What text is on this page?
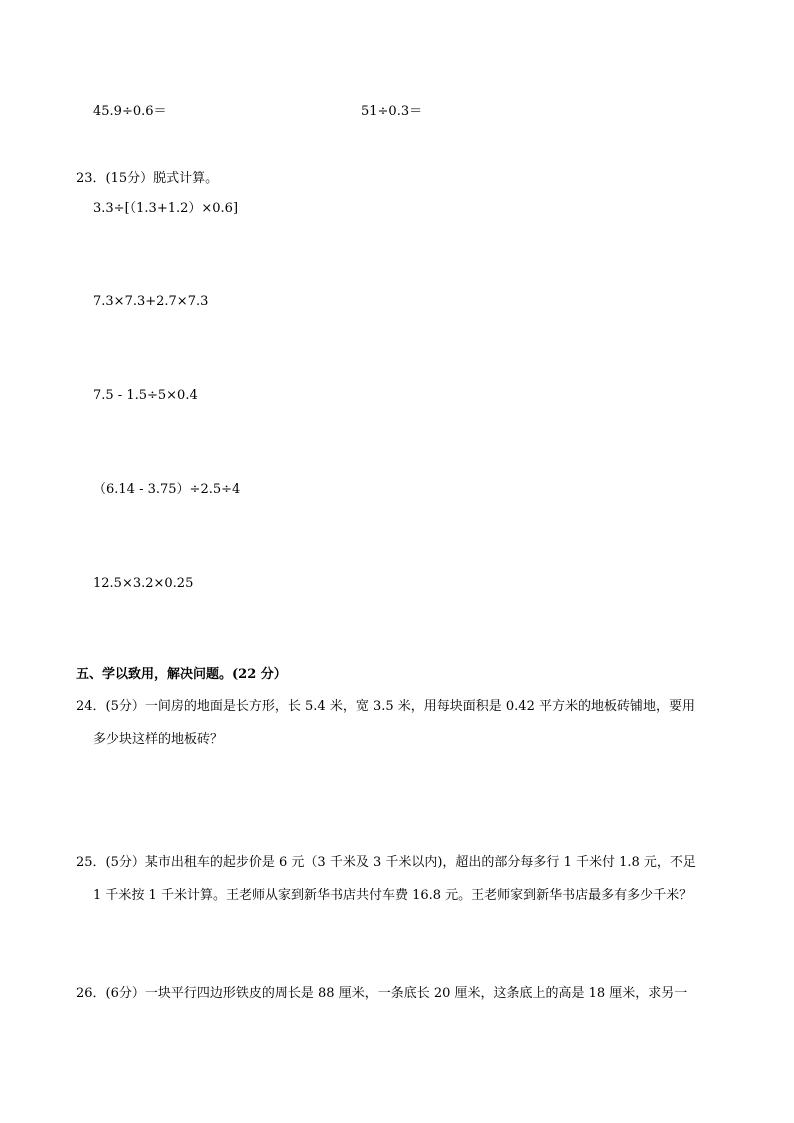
45.9÷0.6＝	51÷0.3＝
23．(15分）脱式计算。
3.3÷[（1.3+1.2）×0.6]
7.3×7.3+2.7×7.3
7.5 - 1.5÷5×0.4
（6.14 - 3.75）÷2.5÷4
12.5×3.2×0.25
五、学以致用，解决问题。(22 分）
24．(5分）一间房的地面是长方形，长 5.4 米，宽 3.5 米，用每块面积是 0.42 平方米的地板砖铺地，要用
多少块这样的地板砖？
25．(5分）某市出租车的起步价是 6 元（3 千米及 3 千米以内)，超出的部分每多行 1 千米付 1.8 元，不足
1 千米按 1 千米计算。王老师从家到新华书店共付车费 16.8 元。王老师家到新华书店最多有多少千米？
26．(6分）一块平行四边形铁皮的周长是 88 厘米，一条底长 20 厘米，这条底上的高是 18 厘米，求另一
